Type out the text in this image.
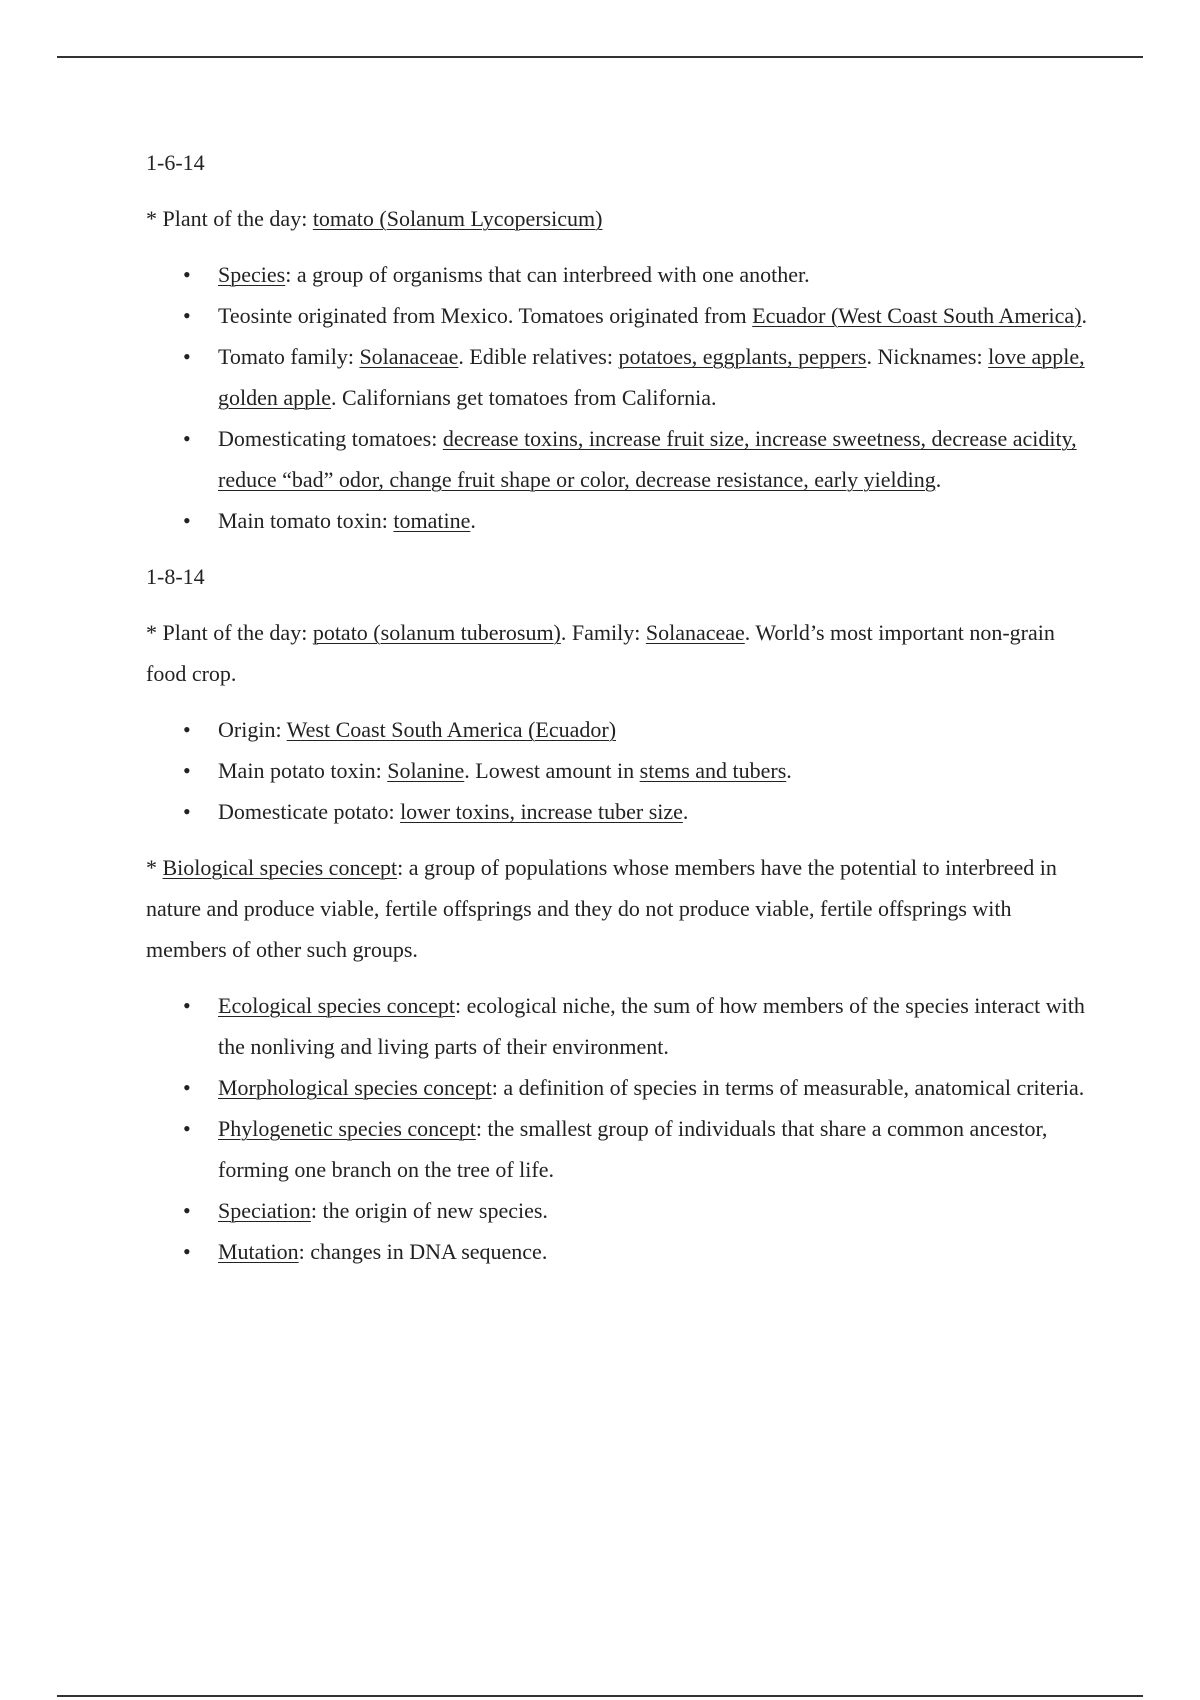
1-6-14

* Plant of the day: tomato (Solanum Lycopersicum)

• Species: a group of organisms that can interbreed with one another.
• Teosinte originated from Mexico. Tomatoes originated from Ecuador (West Coast South America).
• Tomato family: Solanaceae. Edible relatives: potatoes, eggplants, peppers. Nicknames: love apple, golden apple. Californians get tomatoes from California.
• Domesticating tomatoes: decrease toxins, increase fruit size, increase sweetness, decrease acidity, reduce “bad” odor, change fruit shape or color, decrease resistance, early yielding.
• Main tomato toxin: tomatine.

1-8-14

* Plant of the day: potato (solanum tuberosum). Family: Solanaceae. World’s most important non-grain food crop.

• Origin: West Coast South America (Ecuador)
• Main potato toxin: Solanine. Lowest amount in stems and tubers.
• Domesticate potato: lower toxins, increase tuber size.

* Biological species concept: a group of populations whose members have the potential to interbreed in nature and produce viable, fertile offsprings and they do not produce viable, fertile offsprings with members of other such groups.

• Ecological species concept: ecological niche, the sum of how members of the species interact with the nonliving and living parts of their environment.
• Morphological species concept: a definition of species in terms of measurable, anatomical criteria.
• Phylogenetic species concept: the smallest group of individuals that share a common ancestor, forming one branch on the tree of life.
• Speciation: the origin of new species.
• Mutation: changes in DNA sequence.
